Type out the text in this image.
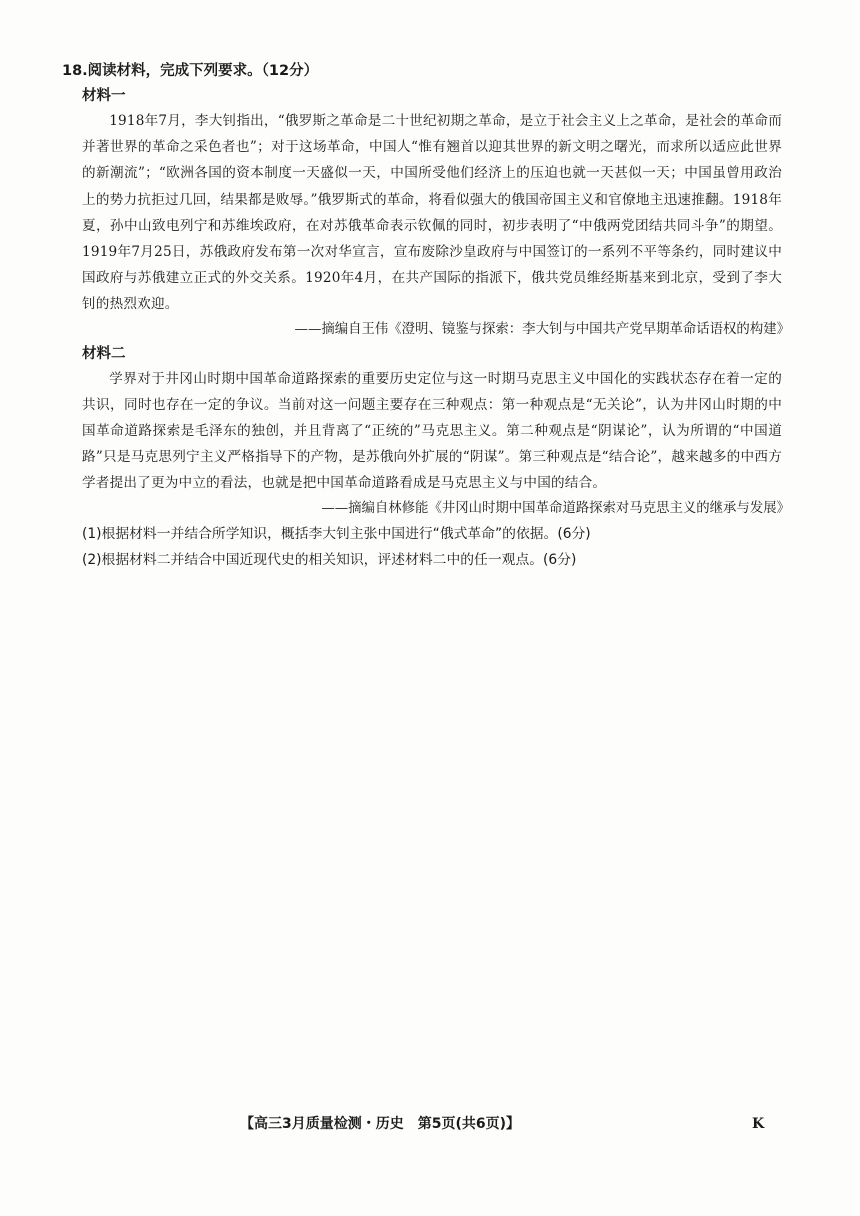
18.阅读材料，完成下列要求。（12分）
材料一

1918年7月，李大钊指出，“俄罗斯之革命是二十世纪初期之革命，是立于社会主义上之革命，是社会的革命而并著世界的革命之采色者也”；对于这场革命，中国人“惟有翘首以迎其世界的新文明之曙光，而求所以适应此世界的新潮流”；“欧洲各国的资本制度一天盛似一天，中国所受他们经济上的压迫也就一天甚似一天；中国虽曾用政治上的势力抗拒过几回，结果都是败辱。”俄罗斯式的革命，将看似强大的俄国帝国主义和官僚地主迅速推翻。1918年夏，孙中山致电列宁和苏维埃政府，在对苏俄革命表示钦佩的同时，初步表明了“中俄两党团结共同斗争”的期望。1919年7月25日，苏俄政府发布第一次对华宣言，宣布废除沙皇政府与中国签订的一系列不平等条约，同时建议中国政府与苏俄建立正式的外交关系。1920年4月，在共产国际的指派下，俄共党员维经斯基来到北京，受到了李大钊的热烈欢迎。

——摘编自王伟《澄明、镜鉴与探索：李大钊与中国共产党早期革命话语权的构建》
材料二

学界对于井冈山时期中国革命道路探索的重要历史定位与这一时期马克思主义中国化的实践状态存在着一定的共识，同时也存在一定的争议。当前对这一问题主要存在三种观点：第一种观点是“无关论”，认为井冈山时期的中国革命道路探索是毛泽东的独创，并且背离了“正统的”马克思主义。第二种观点是“阴谋论”，认为所谓的“中国道路”只是马克思列宁主义严格指导下的产物，是苏俄向外扩展的“阴谋”。第三种观点是“结合论”，越来越多的中西方学者提出了更为中立的看法，也就是把中国革命道路看成是马克思主义与中国的结合。

——摘编自林修能《井冈山时期中国革命道路探索对马克思主义的继承与发展》
(1)根据材料一并结合所学知识，概括李大钊主张中国进行“俄式革命”的依据。(6分)
(2)根据材料二并结合中国近现代史的相关知识，评述材料二中的任一观点。(6分)
【高三3月质量检测・历史　第5页(共6页)】	K
